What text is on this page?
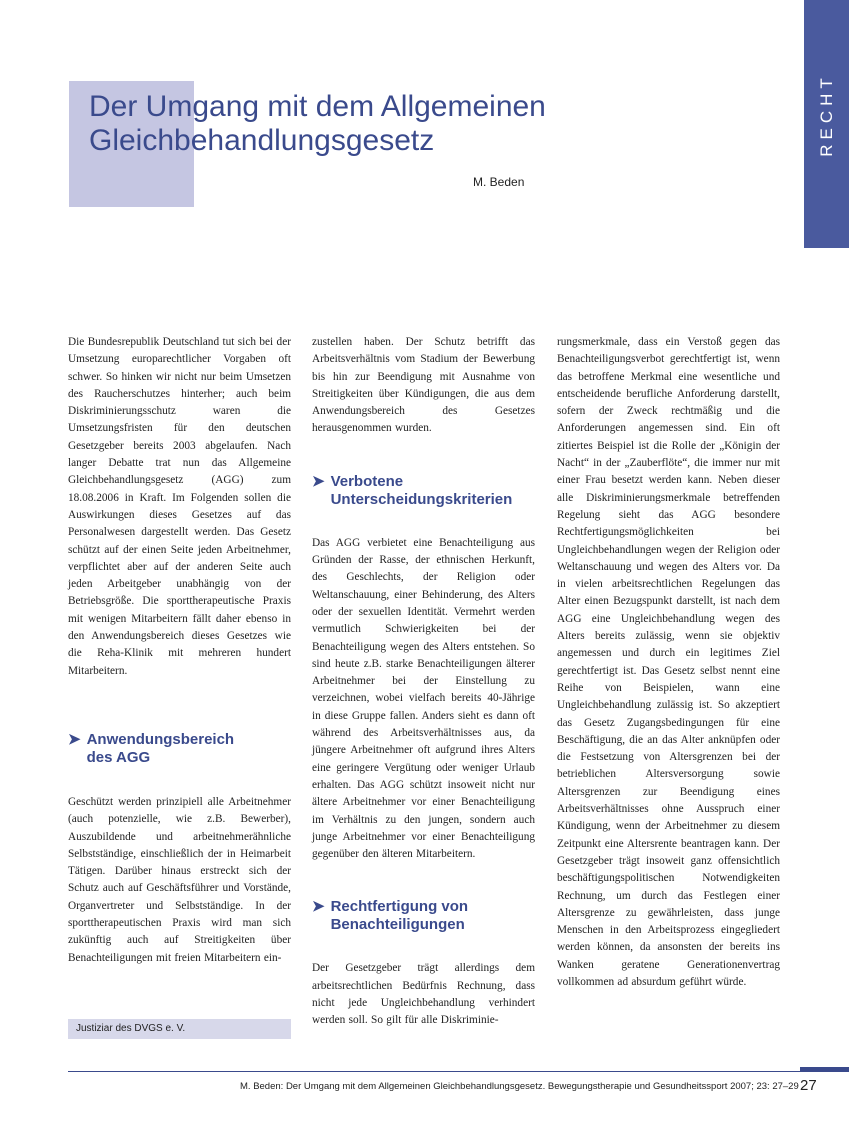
RECHT
Der Umgang mit dem Allgemeinen
Gleichbehandlungsgesetz
M. Beden

Die Bundesrepublik Deutschland tut sich bei der Umsetzung europarechtlicher Vorgaben oft schwer. So hinken wir nicht nur beim Umsetzen des Raucherschutzes hinterher; auch beim Diskriminierungsschutz waren die Umsetzungsfristen für den deutschen Gesetzgeber bereits 2003 abgelaufen. Nach langer Debatte trat nun das Allgemeine Gleichbehandlungsgesetz (AGG) zum 18.08.2006 in Kraft. Im Folgenden sollen die Auswirkungen dieses Gesetzes auf das Personalwesen dargestellt werden. Das Gesetz schützt auf der einen Seite jeden Arbeitnehmer, verpflichtet aber auf der anderen Seite auch jeden Arbeitgeber unabhängig von der Betriebsgröße. Die sporttherapeutische Praxis mit wenigen Mitarbeitern fällt daher ebenso in den Anwendungsbereich dieses Gesetzes wie die Reha-Klinik mit mehreren hundert Mitarbeitern.

➤ Anwendungsbereich
des AGG

Geschützt werden prinzipiell alle Arbeitnehmer (auch potenzielle, wie z.B. Bewerber), Auszubildende und arbeitnehmerähnliche Selbstständige, einschließlich der in Heimarbeit Tätigen. Darüber hinaus erstreckt sich der Schutz auch auf Geschäftsführer und Vorstände, Organvertreter und Selbstständige. In der sporttherapeutischen Praxis wird man sich zukünftig auch auf Streitigkeiten über Benachteiligungen mit freien Mitarbeitern ein-

zustellen haben. Der Schutz betrifft das Arbeitsverhältnis vom Stadium der Bewerbung bis hin zur Beendigung mit Ausnahme von Streitigkeiten über Kündigungen, die aus dem Anwendungsbereich des Gesetzes herausgenommen wurden.

➤ Verbotene
Unterscheidungskriterien

Das AGG verbietet eine Benachteiligung aus Gründen der Rasse, der ethnischen Herkunft, des Geschlechts, der Religion oder Weltanschauung, einer Behinderung, des Alters oder der sexuellen Identität. Vermehrt werden vermutlich Schwierigkeiten bei der Benachteiligung wegen des Alters entstehen. So sind heute z.B. starke Benachteiligungen älterer Arbeitnehmer bei der Einstellung zu verzeichnen, wobei vielfach bereits 40-Jährige in diese Gruppe fallen. Anders sieht es dann oft während des Arbeitsverhältnisses aus, da jüngere Arbeitnehmer oft aufgrund ihres Alters eine geringere Vergütung oder weniger Urlaub erhalten. Das AGG schützt insoweit nicht nur ältere Arbeitnehmer vor einer Benachteiligung im Verhältnis zu den jungen, sondern auch junge Arbeitnehmer vor einer Benachteiligung gegenüber den älteren Mitarbeitern.

➤ Rechtfertigung von
Benachteiligungen

Der Gesetzgeber trägt allerdings dem arbeitsrechtlichen Bedürfnis Rechnung, dass nicht jede Ungleichbehandlung verhindert werden soll. So gilt für alle Diskriminie-

rungsmerkmale, dass ein Verstoß gegen das Benachteiligungsverbot gerechtfertigt ist, wenn das betroffene Merkmal eine wesentliche und entscheidende berufliche Anforderung darstellt, sofern der Zweck rechtmäßig und die Anforderungen angemessen sind. Ein oft zitiertes Beispiel ist die Rolle der „Königin der Nacht“ in der „Zauberflöte“, die immer nur mit einer Frau besetzt werden kann. Neben dieser alle Diskriminierungsmerkmale betreffenden Regelung sieht das AGG besondere Rechtfertigungsmöglichkeiten bei Ungleichbehandlungen wegen der Religion oder Weltanschauung und wegen des Alters vor. Da in vielen arbeitsrechtlichen Regelungen das Alter einen Bezugspunkt darstellt, ist nach dem AGG eine Ungleichbehandlung wegen des Alters bereits zulässig, wenn sie objektiv angemessen und durch ein legitimes Ziel gerechtfertigt ist. Das Gesetz selbst nennt eine Reihe von Beispielen, wann eine Ungleichbehandlung zulässig ist. So akzeptiert das Gesetz Zugangsbedingungen für eine Beschäftigung, die an das Alter anknüpfen oder die Festsetzung von Altersgrenzen bei der betrieblichen Altersversorgung sowie Altersgrenzen zur Beendigung eines Arbeitsverhältnisses ohne Ausspruch einer Kündigung, wenn der Arbeitnehmer zu diesem Zeitpunkt eine Altersrente beantragen kann. Der Gesetzgeber trägt insoweit ganz offensichtlich beschäftigungspolitischen Notwendigkeiten Rechnung, um durch das Festlegen einer Altersgrenze zu gewährleisten, dass junge Menschen in den Arbeitsprozess eingegliedert werden können, da ansonsten der bereits ins Wanken geratene Generationenvertrag vollkommen ad absurdum geführt würde.

Justiziar des DVGS e. V.
M. Beden: Der Umgang mit dem Allgemeinen Gleichbehandlungsgesetz. Bewegungstherapie und Gesundheitssport 2007; 23: 27–29 27
